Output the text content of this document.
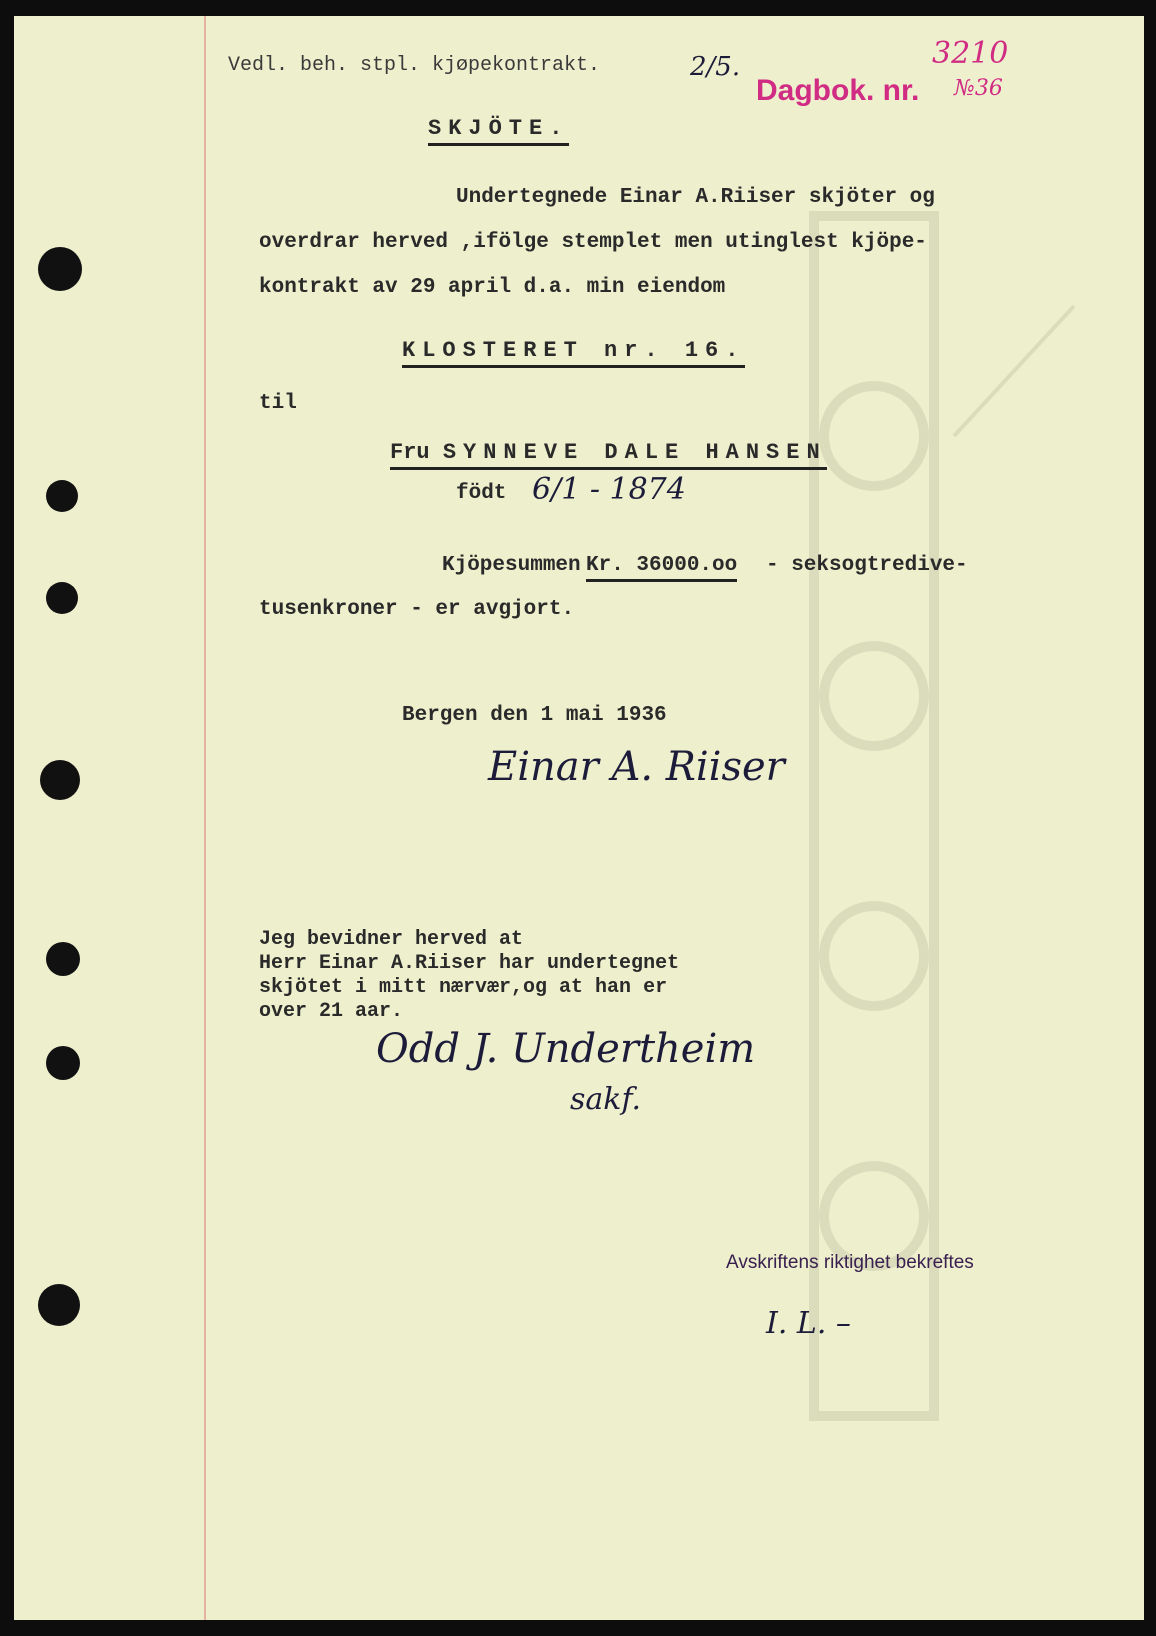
Vedl. beh. stpl. kjøpekontrakt.	2/5.
Dagbok. nr.
3210
№36
SKJÖTE.
Undertegnede Einar A.Riiser skjöter og
overdrar herved ,ifölge stemplet men utinglest kjöpe-
kontrakt av 29 april d.a. min eiendom
KLOSTERET nr. 16.
til
Fru SYNNEVE DALE HANSEN
födt 6/1 - 1874
Kjöpesummen Kr. 36000.oo - seksogtredive-
tusenkroner - er avgjort.
Bergen den 1 mai 1936
Einar A. Riiser
Jeg bevidner herved at
Herr Einar A.Riiser har undertegnet
skjötet i mitt nærvær,og at han er
over 21 aar.
Odd J. Undertheim
sakf.
Avskriftens riktighet bekreftes
I. L. –
